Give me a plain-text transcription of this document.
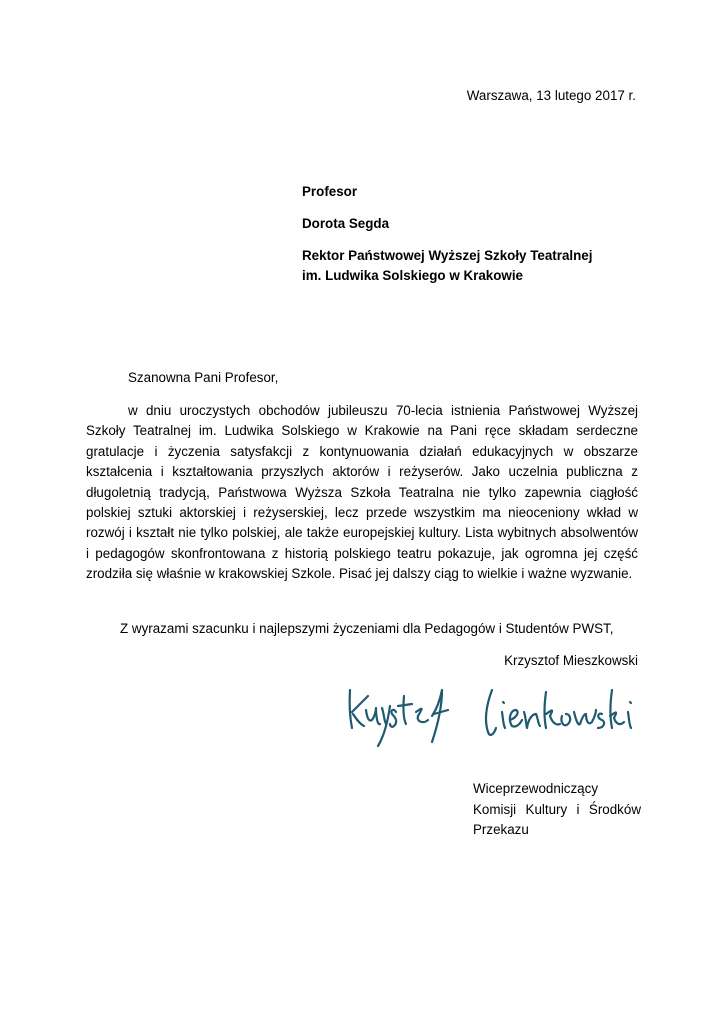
Warszawa, 13 lutego 2017 r.
Profesor
Dorota Segda
Rektor Państwowej Wyższej Szkoły Teatralnej
im. Ludwika Solskiego w Krakowie
Szanowna Pani Profesor,

w dniu uroczystych obchodów jubileuszu 70-lecia istnienia Państwowej Wyższej Szkoły Teatralnej im. Ludwika Solskiego w Krakowie na Pani ręce składam serdeczne gratulacje i życzenia satysfakcji z kontynuowania działań edukacyjnych w obszarze kształcenia i kształtowania przyszłych aktorów i reżyserów. Jako uczelnia publiczna z długoletnią tradycją, Państwowa Wyższa Szkoła Teatralna nie tylko zapewnia ciągłość polskiej sztuki aktorskiej i reżyserskiej, lecz przede wszystkim ma nieoceniony wkład w rozwój i kształt nie tylko polskiej, ale także europejskiej kultury. Lista wybitnych absolwentów i pedagogów skonfrontowana z historią polskiego teatru pokazuje, jak ogromna jej część zrodziła się właśnie w krakowskiej Szkole. Pisać jej dalszy ciąg to wielkie i ważne wyzwanie.

Z wyrazami szacunku i najlepszymi życzeniami dla Pedagogów i Studentów PWST,
Krzysztof Mieszkowski
Wiceprzewodniczący Komisji Kultury i Środków Przekazu
